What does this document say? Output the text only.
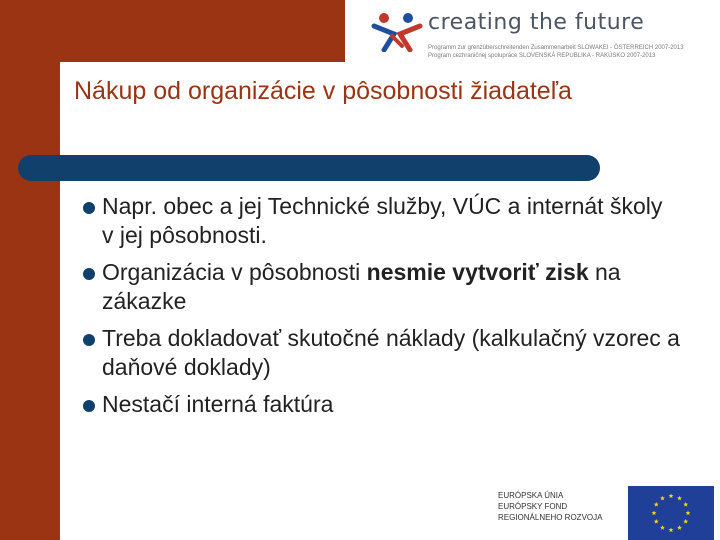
creating the future
Programm zur grenzüberschreitenden Zusammenarbeit SLOWAKEI - ÖSTERREICH 2007-2013
Program cezhraničnej spolupráce SLOVENSKÁ REPUBLIKA - RAKÚSKO 2007-2013
Nákup od organizácie v pôsobnosti žiadateľa
Napr. obec a jej Technické služby, VÚC a internát školy v jej pôsobnosti.
Organizácia v pôsobnosti nesmie vytvoriť zisk na zákazke
Treba dokladovať skutočné náklady (kalkulačný vzorec a daňové doklady)
Nestačí interná faktúra
EURÓPSKA ÚNIA
EURÓPSKY FOND
REGIONÁLNEHO ROZVOJA
